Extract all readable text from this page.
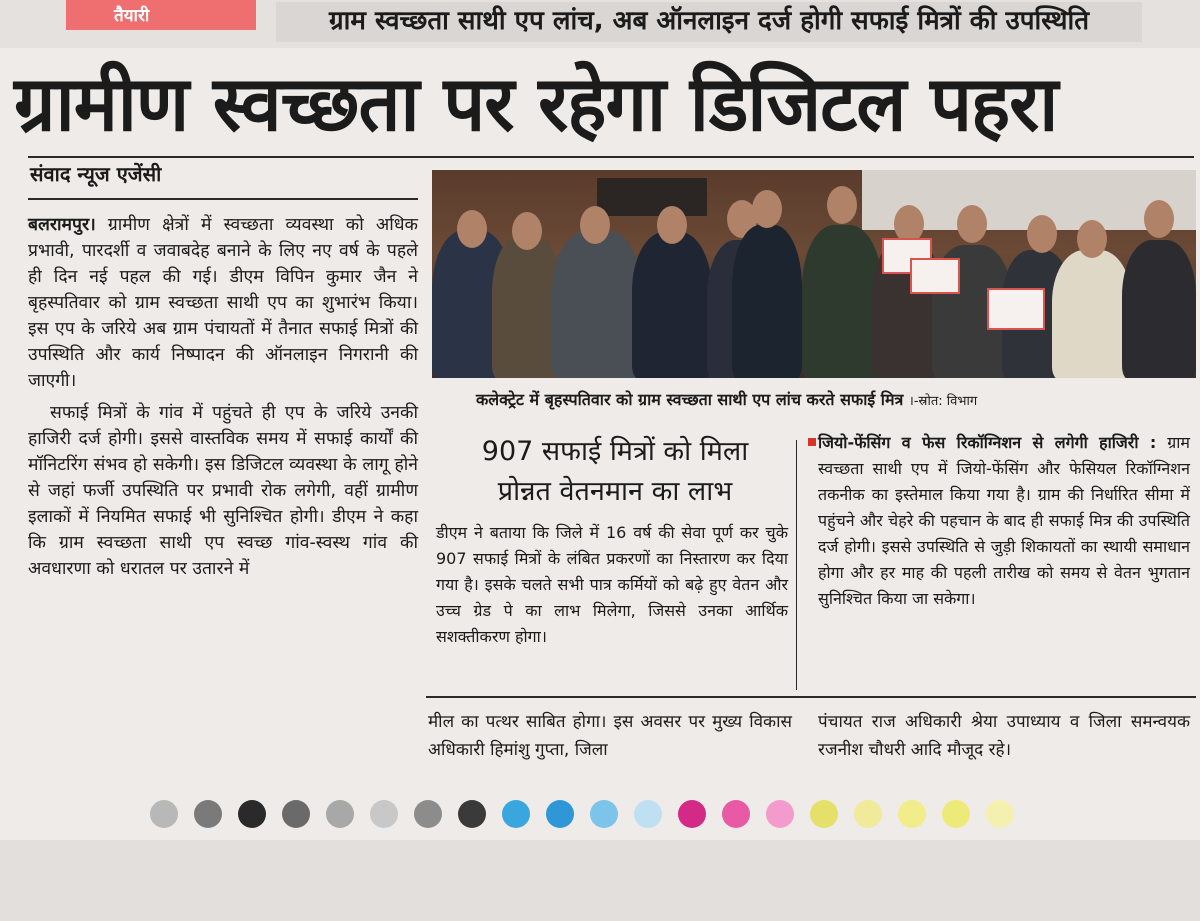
तैयारी	ग्राम स्वच्छता साथी एप लांच, अब ऑनलाइन दर्ज होगी सफाई मित्रों की उपस्थिति
ग्रामीण स्वच्छता पर रहेगा डिजिटल पहरा
संवाद न्यूज एजेंसी

बलरामपुर। ग्रामीण क्षेत्रों में स्वच्छता व्यवस्था को अधिक प्रभावी, पारदर्शी व जवाबदेह बनाने के लिए नए वर्ष के पहले ही दिन नई पहल की गई। डीएम विपिन कुमार जैन ने बृहस्पतिवार को ग्राम स्वच्छता साथी एप का शुभारंभ किया। इस एप के जरिये अब ग्राम पंचायतों में तैनात सफाई मित्रों की उपस्थिति और कार्य निष्पादन की ऑनलाइन निगरानी की जाएगी।

सफाई मित्रों के गांव में पहुंचते ही एप के जरिये उनकी हाजिरी दर्ज होगी। इससे वास्तविक समय में सफाई कार्यों की मॉनिटरिंग संभव हो सकेगी। इस डिजिटल व्यवस्था के लागू होने से जहां फर्जी उपस्थिति पर प्रभावी रोक लगेगी, वहीं ग्रामीण इलाकों में नियमित सफाई भी सुनिश्चित होगी। डीएम ने कहा कि ग्राम स्वच्छता साथी एप स्वच्छ गांव-स्वस्थ गांव की अवधारणा को धरातल पर उतारने में

कलेक्ट्रेट में बृहस्पतिवार को ग्राम स्वच्छता साथी एप लांच करते सफाई मित्र ।-स्रोत: विभाग
907 सफाई मित्रों को मिला
प्रोन्नत वेतनमान का लाभ

डीएम ने बताया कि जिले में 16 वर्ष की सेवा पूर्ण कर चुके 907 सफाई मित्रों के लंबित प्रकरणों का निस्तारण कर दिया गया है। इसके चलते सभी पात्र कर्मियों को बढ़े हुए वेतन और उच्च ग्रेड पे का लाभ मिलेगा, जिससे उनका आर्थिक सशक्तीकरण होगा।

जियो-फेंसिंग व फेस रिकॉग्निशन से लगेगी हाजिरी : ग्राम स्वच्छता साथी एप में जियो-फेंसिंग और फेसियल रिकॉग्निशन तकनीक का इस्तेमाल किया गया है। ग्राम की निर्धारित सीमा में पहुंचने और चेहरे की पहचान के बाद ही सफाई मित्र की उपस्थिति दर्ज होगी। इससे उपस्थिति से जुड़ी शिकायतों का स्थायी समाधान होगा और हर माह की पहली तारीख को समय से वेतन भुगतान सुनिश्चित किया जा सकेगा।

मील का पत्थर साबित होगा। इस अवसर पर मुख्य विकास अधिकारी हिमांशु गुप्ता, जिला
पंचायत राज अधिकारी श्रेया उपाध्याय व जिला समन्वयक रजनीश चौधरी आदि मौजूद रहे।
